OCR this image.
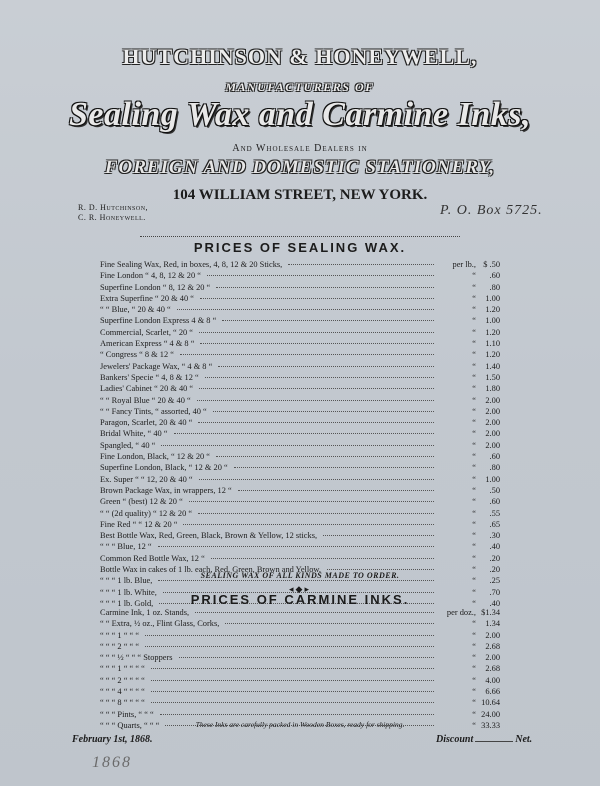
HUTCHINSON & HONEYWELL,
MANUFACTURERS OF
Sealing Wax and Carmine Inks,
And Wholesale Dealers in
FOREIGN AND DOMESTIC STATIONERY,
104 WILLIAM STREET, NEW YORK.
R. D. Hutchinson,
C. R. Honeywell.	P. O. Box 5725.
PRICES OF SEALING WAX.
Fine Sealing Wax, Red, in boxes, 4, 8, 12 & 20 Sticks,	per lb., $ .50
Fine London “ 4, 8, 12 & 20 “	“	.60
Superfine London “ 8, 12 & 20 “	“	.80
Extra Superfine “ 20 & 40 “	“	1.00
“ “ Blue, “ 20 & 40 “	“	1.20
Superfine London Express 4 & 8 “	“	1.00
Commercial, Scarlet, “ 20 “	“	1.20
American Express “ 4 & 8 “	“	1.10
“ Congress “ 8 & 12 “	“	1.20
Jewelers' Package Wax, “ 4 & 8 “	“	1.40
Bankers' Specie “ 4, 8 & 12 “	“	1.50
Ladies' Cabinet “ 20 & 40 “	“	1.80
“ “ Royal Blue “ 20 & 40 “	“	2.00
“ “ Fancy Tints, “ assorted, 40 “	“	2.00
Paragon, Scarlet, 20 & 40 “	“	2.00
Bridal White, “ 40 “	“	2.00
Spangled, “ 40 “	“	2.00
Fine London, Black, “ 12 & 20 “	“	.60
Superfine London, Black, “ 12 & 20 “	“	.80
Ex. Super “ “ 12, 20 & 40 “	“	1.00
Brown Package Wax, in wrappers, 12 “	“	.50
Green “ (best) 12 & 20 “	“	.60
“ “ (2d quality) “ 12 & 20 “	“	.55
Fine Red “ “ 12 & 20 “	“	.65
Best Bottle Wax, Red, Green, Black, Brown & Yellow, 12 sticks,	“	.30
“ “ “ Blue, 12 “	“	.40
Common Red Bottle Wax, 12 “	“	.20
Bottle Wax in cakes of 1 lb. each, Red, Green, Brown and Yellow,	“	.20
“ “ “ 1 lb. Blue,	“	.25
“ “ “ 1 lb. White,	“	.70
“ “ “ 1 lb. Gold,	“	.40
SEALING WAX OF ALL KINDS MADE TO ORDER.
◂◆▸
PRICES OF CARMINE INKS.
Carmine Ink, 1 oz. Stands,	per doz., $1.34
“ “ Extra, ½ oz., Flint Glass, Corks,	“	1.34
“ “ “ 1 “ “ “	“	2.00
“ “ “ 2 “ “ “	“	2.68
“ “ “ ½ “ “ “ Stoppers	“	2.00
“ “ “ 1 “ “ “ “	“	2.68
“ “ “ 2 “ “ “ “	“	4.00
“ “ “ 4 “ “ “ “	“	6.66
“ “ “ 8 “ “ “ “	“ 10.64
“ “ “ Pints, “ “ “	“ 24.00
“ “ “ Quarts, “ “ “	“ 33.33
These Inks are carefully packed in Wooden Boxes, ready for shipping.
February 1st, 1868.	Discount	Net.
1868
